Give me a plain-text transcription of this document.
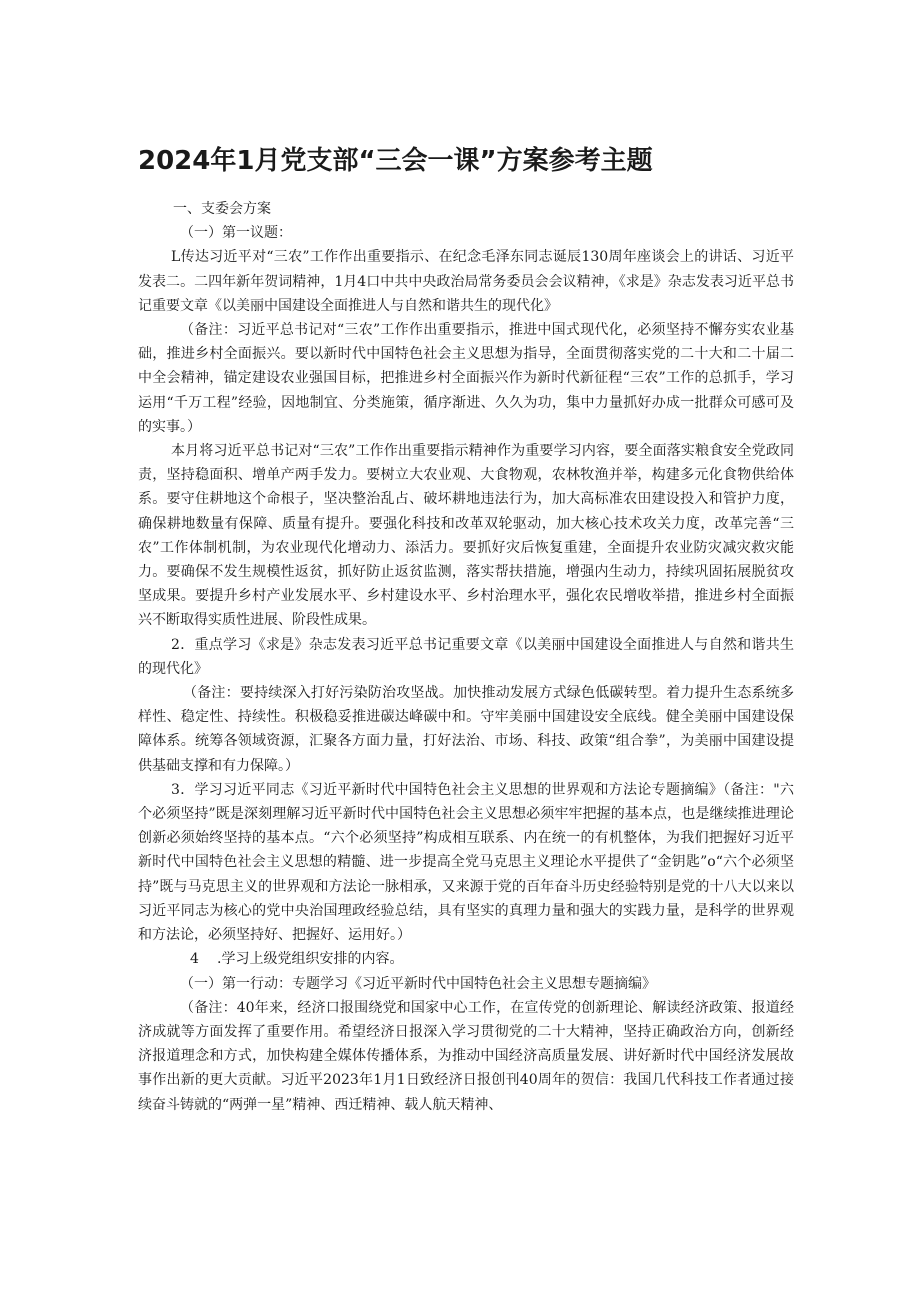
2024年1月党支部“三会一课”方案参考主题

一、支委会方案

（一）第一议题：

L传达习近平对“三农”工作作出重要指示、在纪念毛泽东同志诞辰130周年座谈会上的讲话、习近平发表二。二四年新年贺词精神，1月4口中共中央政治局常务委员会会议精神，《求是》杂志发表习近平总书记重要文章《以美丽中国建设全面推进人与自然和谐共生的现代化》

（备注：习近平总书记对“三农”工作作出重要指示，推进中国式现代化，必须坚持不懈夯实农业基础，推进乡村全面振兴。要以新时代中国特色社会主义思想为指导，全面贯彻落实党的二十大和二十届二中全会精神，锚定建设农业强国目标，把推进乡村全面振兴作为新时代新征程“三农”工作的总抓手，学习运用“千万工程”经验，因地制宜、分类施策，循序渐进、久久为功，集中力量抓好办成一批群众可感可及的实事。）

本月将习近平总书记对“三农”工作作出重要指示精神作为重要学习内容，要全面落实粮食安全党政同责，坚持稳面积、增单产两手发力。要树立大农业观、大食物观，农林牧渔并举，构建多元化食物供给体系。要守住耕地这个命根子，坚决整治乱占、破坏耕地违法行为，加大高标准农田建设投入和管护力度，确保耕地数量有保障、质量有提升。要强化科技和改革双轮驱动，加大核心技术攻关力度，改革完善“三农”工作体制机制，为农业现代化增动力、添活力。要抓好灾后恢复重建，全面提升农业防灾减灾救灾能力。要确保不发生规模性返贫，抓好防止返贫监测，落实帮扶措施，增强内生动力，持续巩固拓展脱贫攻坚成果。要提升乡村产业发展水平、乡村建设水平、乡村治理水平，强化农民增收举措，推进乡村全面振兴不断取得实质性进展、阶段性成果。

2．重点学习《求是》杂志发表习近平总书记重要文章《以美丽中国建设全面推进人与自然和谐共生的现代化》

（备注：要持续深入打好污染防治攻坚战。加快推动发展方式绿色低碳转型。着力提升生态系统多样性、稳定性、持续性。积极稳妥推进碳达峰碳中和。守牢美丽中国建设安全底线。健全美丽中国建设保障体系。统筹各领域资源，汇聚各方面力量，打好法治、市场、科技、政策“组合拳”，为美丽中国建设提供基础支撑和有力保障。）

3．学习习近平同志《习近平新时代中国特色社会主义思想的世界观和方法论专题摘编》（备注："六个必须坚持”既是深刻理解习近平新时代中国特色社会主义思想必须牢牢把握的基本点，也是继续推进理论创新必须始终坚持的基本点。“六个必须坚持”构成相互联系、内在统一的有机整体，为我们把握好习近平新时代中国特色社会主义思想的精髓、进一步提高全党马克思主义理论水平提供了“金钥匙”o“六个必须坚持”既与马克思主义的世界观和方法论一脉相承，又来源于党的百年奋斗历史经验特别是党的十八大以来以习近平同志为核心的党中央治国理政经验总结，具有坚实的真理力量和强大的实践力量，是科学的世界观和方法论，必须坚持好、把握好、运用好。）

4 .学习上级党组织安排的内容。

（一）第一行动：专题学习《习近平新时代中国特色社会主义思想专题摘编》

（备注：40年来，经济口报围绕党和国家中心工作，在宣传党的创新理论、解读经济政策、报道经济成就等方面发挥了重要作用。希望经济日报深入学习贯彻党的二十大精神，坚持正确政治方向，创新经济报道理念和方式，加快构建全媒体传播体系，为推动中国经济高质量发展、讲好新时代中国经济发展故事作出新的更大贡献。习近平2023年1月1日致经济日报创刊40周年的贺信：我国几代科技工作者通过接续奋斗铸就的“两弹一星”精神、西迁精神、载人航天精神、
